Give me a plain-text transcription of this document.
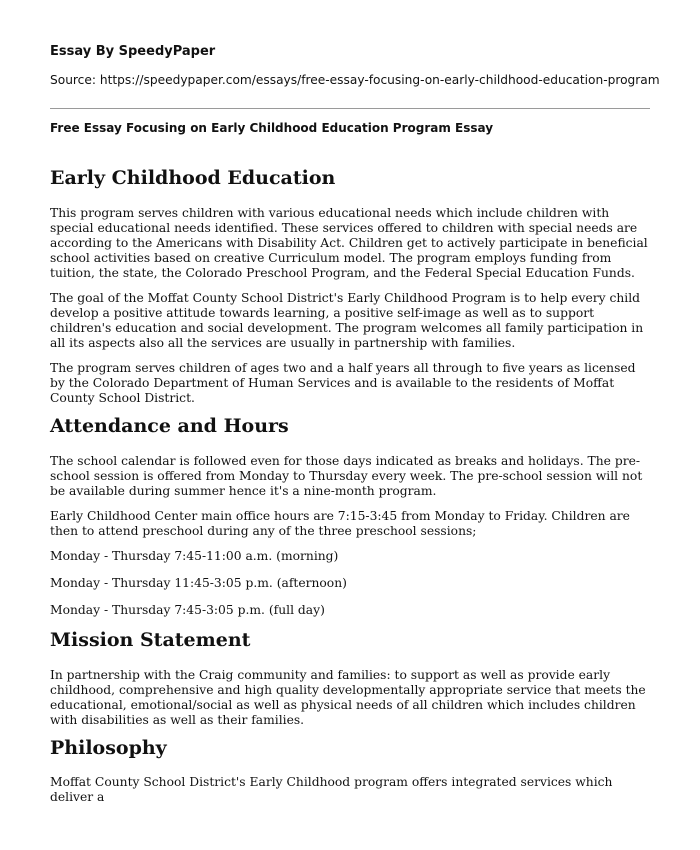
Essay By SpeedyPaper

Source: https://speedypaper.com/essays/free-essay-focusing-on-early-childhood-education-program

Free Essay Focusing on Early Childhood Education Program Essay

Early Childhood Education

This program serves children with various educational needs which include children with special educational needs identified. These services offered to children with special needs are according to the Americans with Disability Act. Children get to actively participate in beneficial school activities based on creative Curriculum model. The program employs funding from tuition, the state, the Colorado Preschool Program, and the Federal Special Education Funds.

The goal of the Moffat County School District's Early Childhood Program is to help every child develop a positive attitude towards learning, a positive self-image as well as to support children's education and social development. The program welcomes all family participation in all its aspects also all the services are usually in partnership with families.

The program serves children of ages two and a half years all through to five years as licensed by the Colorado Department of Human Services and is available to the residents of Moffat County School District.

Attendance and Hours

The school calendar is followed even for those days indicated as breaks and holidays. The pre-school session is offered from Monday to Thursday every week. The pre-school session will not be available during summer hence it's a nine-month program.

Early Childhood Center main office hours are 7:15-3:45 from Monday to Friday. Children are then to attend preschool during any of the three preschool sessions;

Monday - Thursday 7:45-11:00 a.m. (morning)

Monday - Thursday 11:45-3:05 p.m. (afternoon)

Monday - Thursday 7:45-3:05 p.m. (full day)

Mission Statement

In partnership with the Craig community and families: to support as well as provide early childhood, comprehensive and high quality developmentally appropriate service that meets the educational, emotional/social as well as physical needs of all children which includes children with disabilities as well as their families.

Philosophy

Moffat County School District's Early Childhood program offers integrated services which deliver a
